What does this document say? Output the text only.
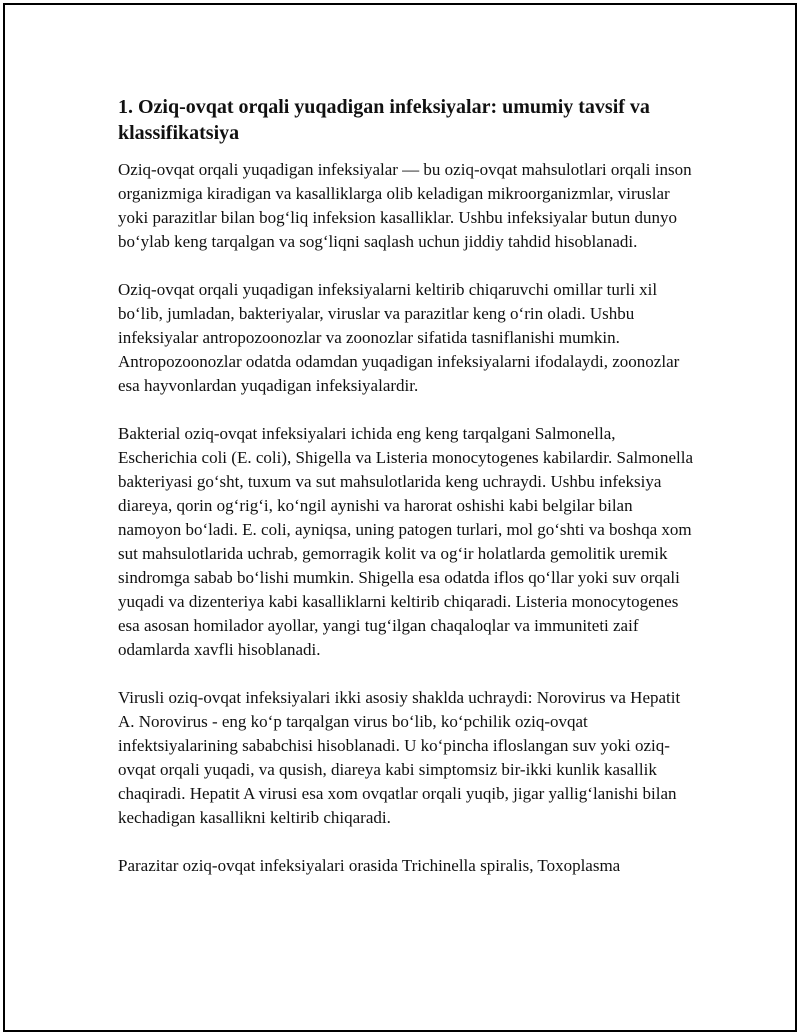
1. Oziq-ovqat orqali yuqadigan infeksiyalar: umumiy tavsif va klassifikatsiya

Oziq-ovqat orqali yuqadigan infeksiyalar — bu oziq-ovqat mahsulotlari orqali inson organizmiga kiradigan va kasalliklarga olib keladigan mikroorganizmlar, viruslar yoki parazitlar bilan bog‘liq infeksion kasalliklar. Ushbu infeksiyalar butun dunyo bo‘ylab keng tarqalgan va sog‘liqni saqlash uchun jiddiy tahdid hisoblanadi.

Oziq-ovqat orqali yuqadigan infeksiyalarni keltirib chiqaruvchi omillar turli xil bo‘lib, jumladan, bakteriyalar, viruslar va parazitlar keng o‘rin oladi. Ushbu infeksiyalar antropozoonozlar va zoonozlar sifatida tasniflanishi mumkin. Antropozoonozlar odatda odamdan yuqadigan infeksiyalarni ifodalaydi, zoonozlar esa hayvonlardan yuqadigan infeksiyalardir.

Bakterial oziq-ovqat infeksiyalari ichida eng keng tarqalgani Salmonella, Escherichia coli (E. coli), Shigella va Listeria monocytogenes kabilardir. Salmonella bakteriyasi go‘sht, tuxum va sut mahsulotlarida keng uchraydi. Ushbu infeksiya diareya, qorin og‘rig‘i, ko‘ngil aynishi va harorat oshishi kabi belgilar bilan namoyon bo‘ladi. E. coli, ayniqsa, uning patogen turlari, mol go‘shti va boshqa xom sut mahsulotlarida uchrab, gemorragik kolit va og‘ir holatlarda gemolitik uremik sindromga sabab bo‘lishi mumkin. Shigella esa odatda iflos qo‘llar yoki suv orqali yuqadi va dizenteriya kabi kasalliklarni keltirib chiqaradi. Listeria monocytogenes esa asosan homilador ayollar, yangi tug‘ilgan chaqaloqlar va immuniteti zaif odamlarda xavfli hisoblanadi.

Virusli oziq-ovqat infeksiyalari ikki asosiy shaklda uchraydi: Norovirus va Hepatit A. Norovirus - eng ko‘p tarqalgan virus bo‘lib, ko‘pchilik oziq-ovqat infektsiyalarining sababchisi hisoblanadi. U ko‘pincha ifloslangan suv yoki oziq-ovqat orqali yuqadi, va qusish, diareya kabi simptomsiz bir-ikki kunlik kasallik chaqiradi. Hepatit A virusi esa xom ovqatlar orqali yuqib, jigar yallig‘lanishi bilan kechadigan kasallikni keltirib chiqaradi.

Parazitar oziq-ovqat infeksiyalari orasida Trichinella spiralis, Toxoplasma
